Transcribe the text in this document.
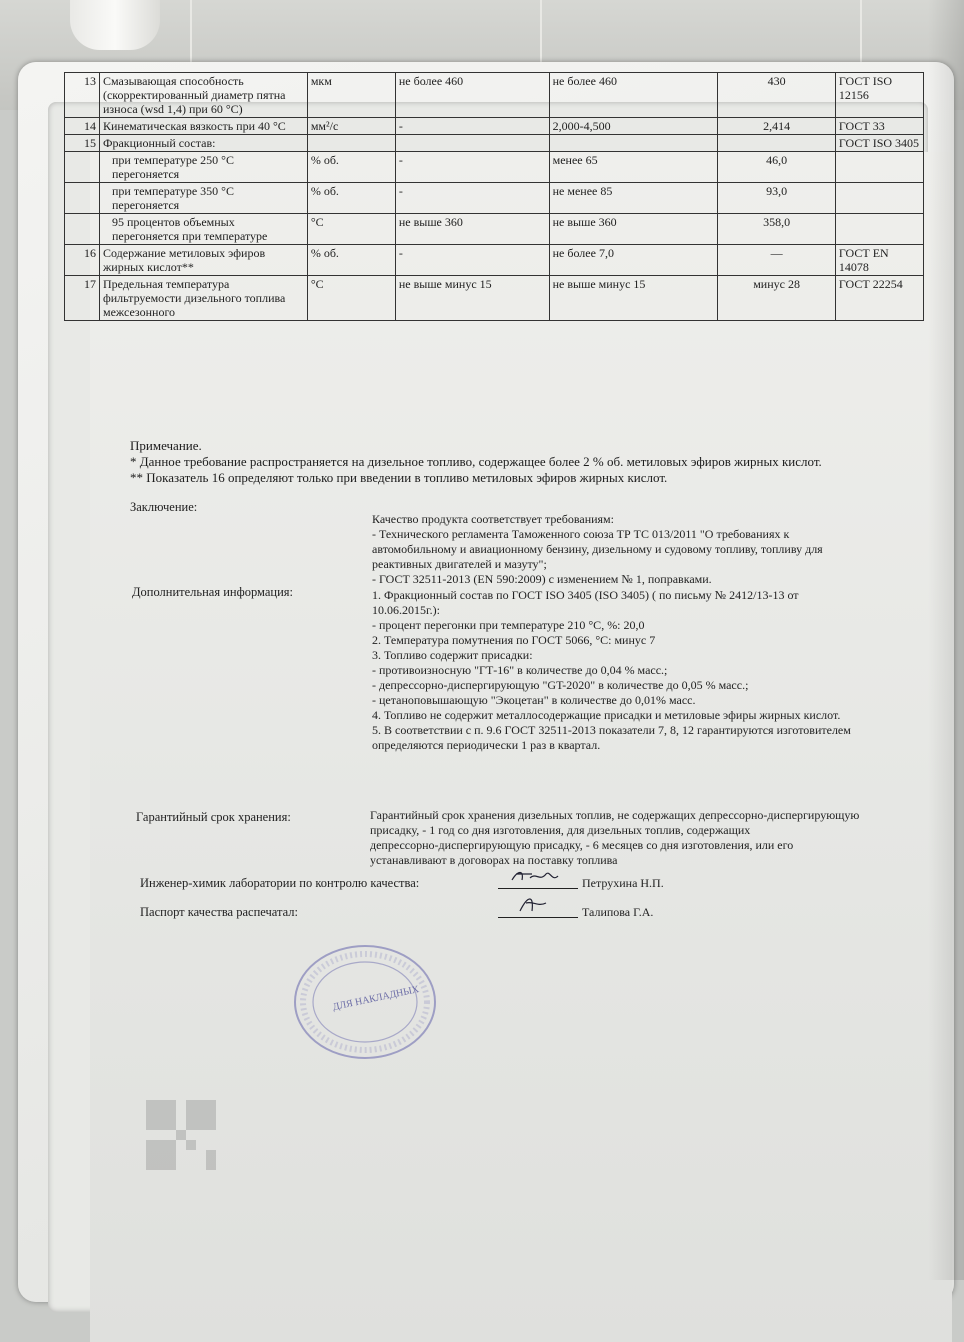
13	Смазывающая способность (скорректированный диаметр пятна износа (wsd 1,4) при 60 °С)	мкм	не более 460	не более 460	430	ГОСТ ISO 12156
14	Кинематическая вязкость при 40 °С	мм²/с	-	2,000-4,500	2,414	ГОСТ 33
15	Фракционный состав:					ГОСТ ISO 3405
	при температуре 250 °С перегоняется	% об.	-	менее 65	46,0	
	при температуре 350 °С перегоняется	% об.	-	не менее 85	93,0	
	95 процентов объемных перегоняется при температуре	°С	не выше 360	не выше 360	358,0	
16	Содержание метиловых эфиров жирных кислот**	% об.	-	не более 7,0	—	ГОСТ EN 14078
17	Предельная температура фильтруемости дизельного топлива межсезонного	°С	не выше минус 15	не выше минус 15	минус 28	ГОСТ 22254
Примечание.
* Данное требование распространяется на дизельное топливо, содержащее более 2 % об. метиловых эфиров жирных кислот.
** Показатель 16 определяют только при введении в топливо метиловых эфиров жирных кислот.
Заключение:
Качество продукта соответствует требованиям:
- Технического регламента Таможенного союза ТР ТС 013/2011 "О требованиях к
автомобильному и авиационному бензину, дизельному и судовому топливу, топливу для
реактивных двигателей и мазуту";
- ГОСТ 32511-2013 (EN 590:2009) с изменением № 1, поправками.
Дополнительная информация:	1. Фракционный состав по ГОСТ ISO 3405 (ISO 3405) ( по письму № 2412/13-13 от
10.06.2015г.):
- процент перегонки при температуре 210 °С, %: 20,0
2. Температура помутнения по ГОСТ 5066, °С: минус 7
3. Топливо содержит присадки:
- противоизносную "ГТ-16" в количестве до 0,04 % масс.;
- депрессорно-диспергирующую "GT-2020" в количестве до 0,05 % масс.;
- цетаноповышающую "Экоцетан" в количестве до 0,01% масс.
4. Топливо не содержит металлосодержащие присадки и метиловые эфиры жирных кислот.
5. В соответствии с п. 9.6 ГОСТ 32511-2013 показатели 7, 8, 12 гарантируются изготовителем
определяются периодически 1 раз в квартал.
Гарантийный срок хранения:	Гарантийный срок хранения дизельных топлив, не содержащих депрессорно-диспергирующую
присадку, - 1 год со дня изготовления, для дизельных топлив, содержащих
депрессорно-диспергирующую присадку, - 6 месяцев со дня изготовления, или его
устанавливают в договорах на поставку топлива
Инженер-химик лаборатории по контролю качества:	Петрухина Н.П.
Паспорт качества распечатал:	Талипова Г.А.
ДЛЯ НАКЛАДНЫХ
